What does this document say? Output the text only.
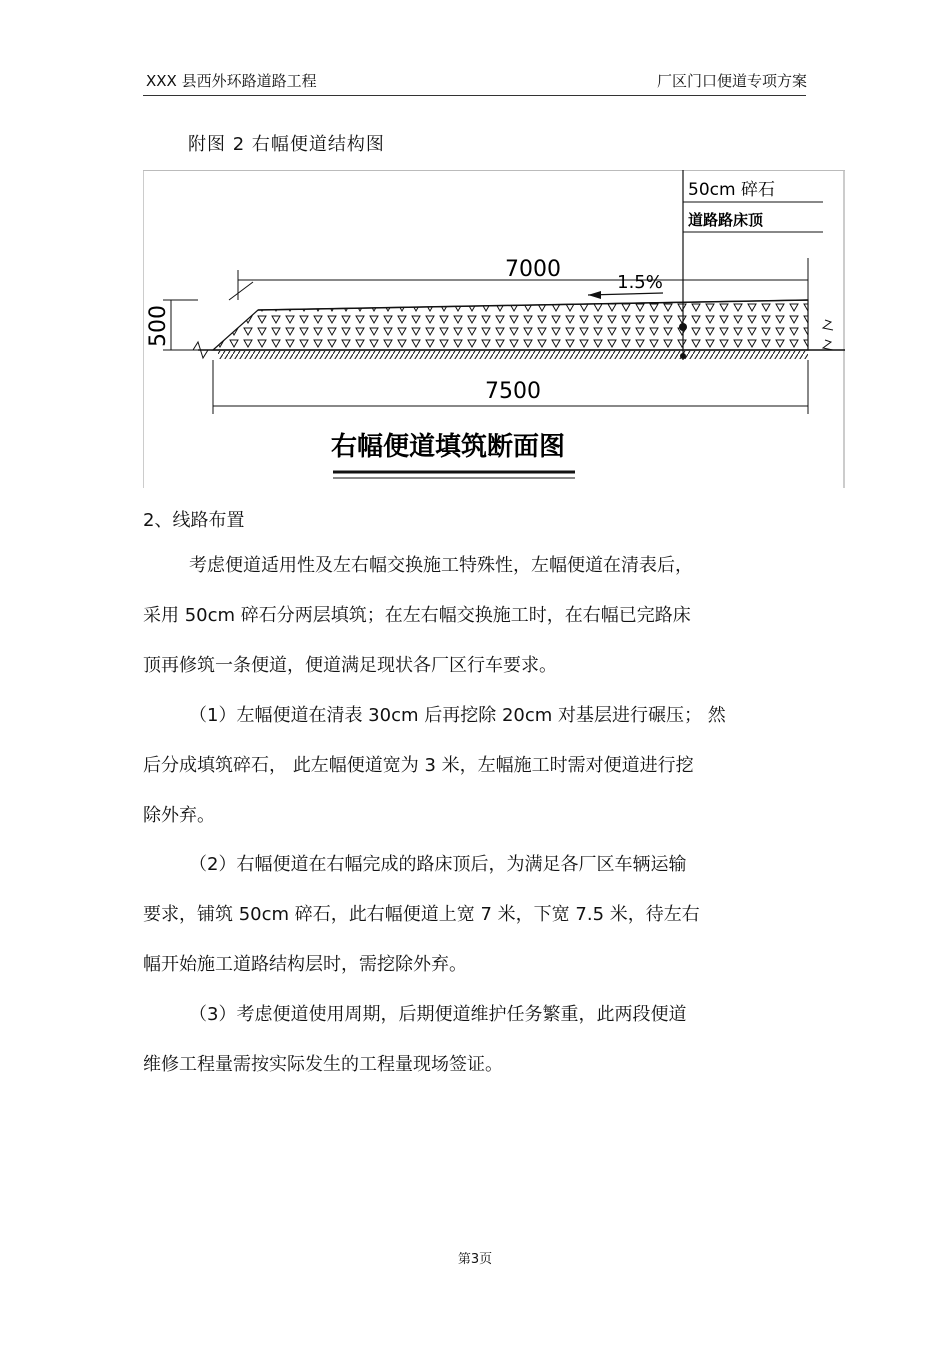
XXX 县西外环路道路工程	厂区门口便道专项方案
附图 2 右幅便道结构图
500
7000
1.5%
7500
50cm 碎石
道路路床顶
右幅便道填筑断面图
2、线路布置
考虑便道适用性及左右幅交换施工特殊性，左幅便道在清表后，
采用 50cm 碎石分两层填筑；在左右幅交换施工时，在右幅已完路床
顶再修筑一条便道，便道满足现状各厂区行车要求。
（1）左幅便道在清表 30cm 后再挖除 20cm 对基层进行碾压； 然
后分成填筑碎石， 此左幅便道宽为 3 米，左幅施工时需对便道进行挖
除外弃。
（2）右幅便道在右幅完成的路床顶后，为满足各厂区车辆运输
要求，铺筑 50cm 碎石，此右幅便道上宽 7 米，下宽 7.5 米，待左右
幅开始施工道路结构层时，需挖除外弃。
（3）考虑便道使用周期，后期便道维护任务繁重，此两段便道
维修工程量需按实际发生的工程量现场签证。
第3页
